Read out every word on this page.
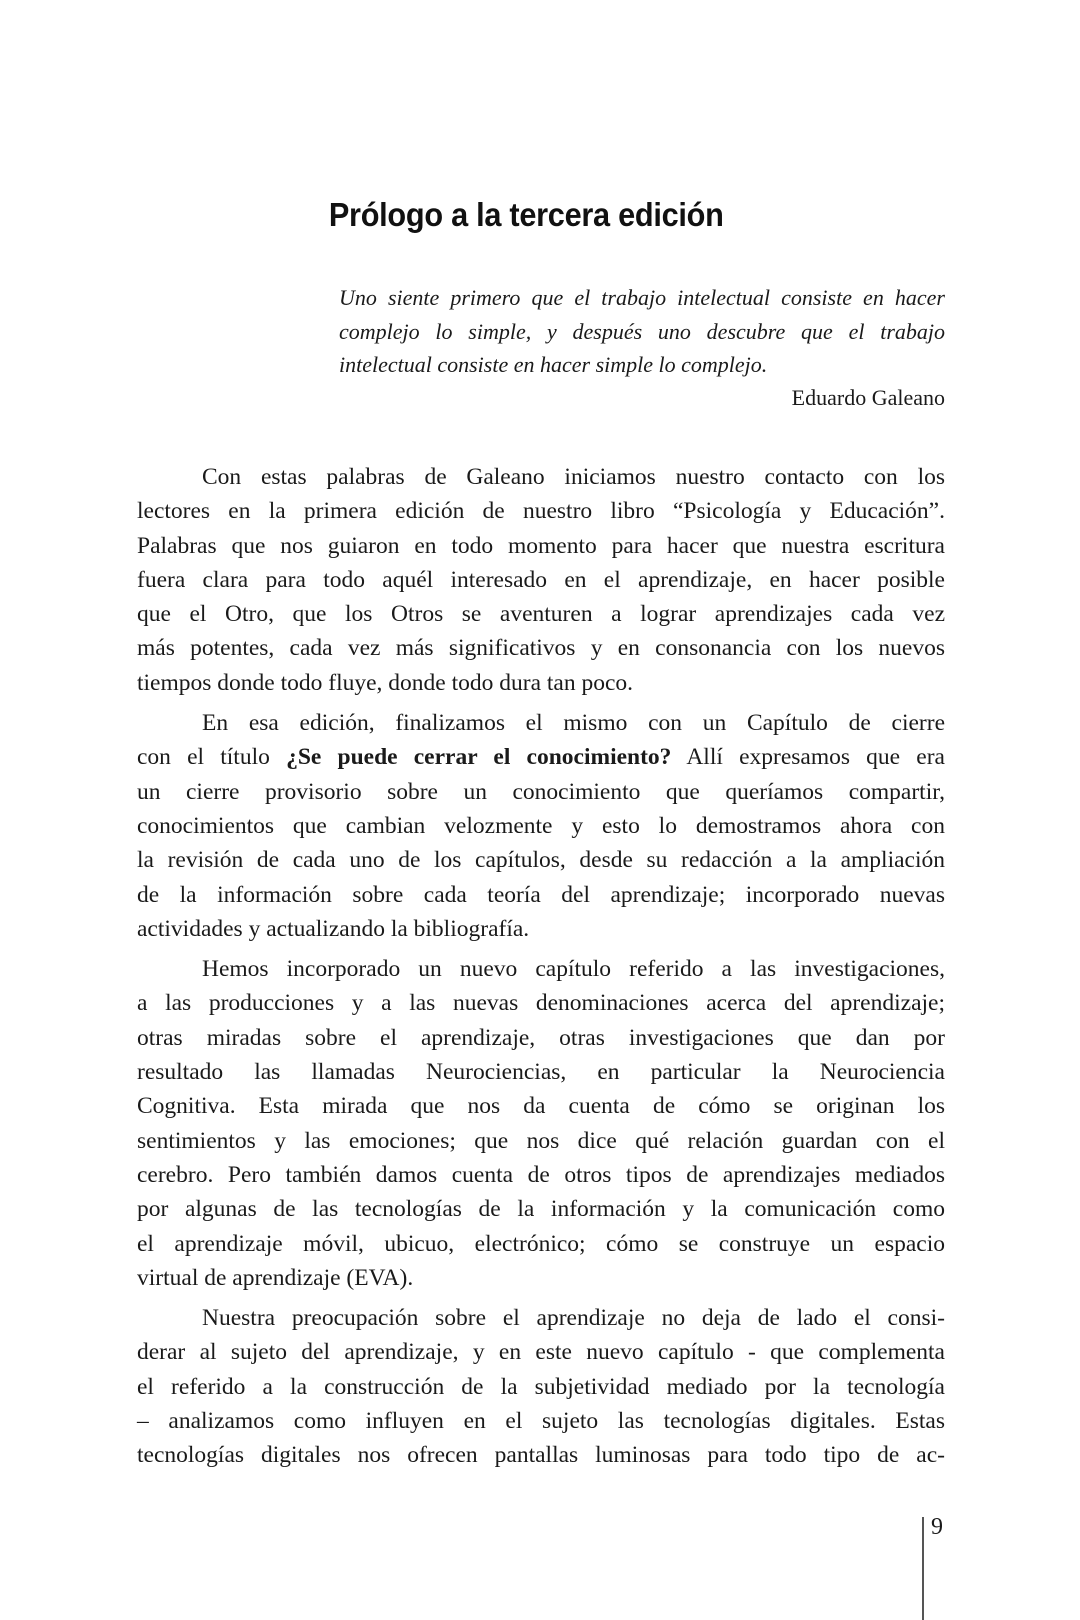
Prólogo a la tercera edición
Uno siente primero que el trabajo intelectual consiste en hacer
complejo lo simple, y después uno descubre que el trabajo
intelectual consiste en hacer simple lo complejo.
Eduardo Galeano
Con estas palabras de Galeano iniciamos nuestro contacto con los
lectores en la primera edición de nuestro libro “Psicología y Educación”.
Palabras que nos guiaron en todo momento para hacer que nuestra escritura
fuera clara para todo aquél interesado en el aprendizaje, en hacer posible
que el Otro, que los Otros se aventuren a lograr aprendizajes cada vez
más potentes, cada vez más significativos y en consonancia con los nuevos
tiempos donde todo fluye, donde todo dura tan poco.
En esa edición, finalizamos el mismo con un Capítulo de cierre
con el título ¿Se puede cerrar el conocimiento? Allí expresamos que era
un cierre provisorio sobre un conocimiento que queríamos compartir,
conocimientos que cambian velozmente y esto lo demostramos ahora con
la revisión de cada uno de los capítulos, desde su redacción a la ampliación
de la información sobre cada teoría del aprendizaje; incorporado nuevas
actividades y actualizando la bibliografía.
Hemos incorporado un nuevo capítulo referido a las investigaciones,
a las producciones y a las nuevas denominaciones acerca del aprendizaje;
otras miradas sobre el aprendizaje, otras investigaciones que dan por
resultado las llamadas Neurociencias, en particular la Neurociencia
Cognitiva. Esta mirada que nos da cuenta de cómo se originan los
sentimientos y las emociones; que nos dice qué relación guardan con el
cerebro. Pero también damos cuenta de otros tipos de aprendizajes mediados
por algunas de las tecnologías de la información y la comunicación como
el aprendizaje móvil, ubicuo, electrónico; cómo se construye un espacio
virtual de aprendizaje (EVA).
Nuestra preocupación sobre el aprendizaje no deja de lado el consi-
derar al sujeto del aprendizaje, y en este nuevo capítulo - que complementa
el referido a la construcción de la subjetividad mediado por la tecnología
– analizamos como influyen en el sujeto las tecnologías digitales. Estas
tecnologías digitales nos ofrecen pantallas luminosas para todo tipo de ac-
9
